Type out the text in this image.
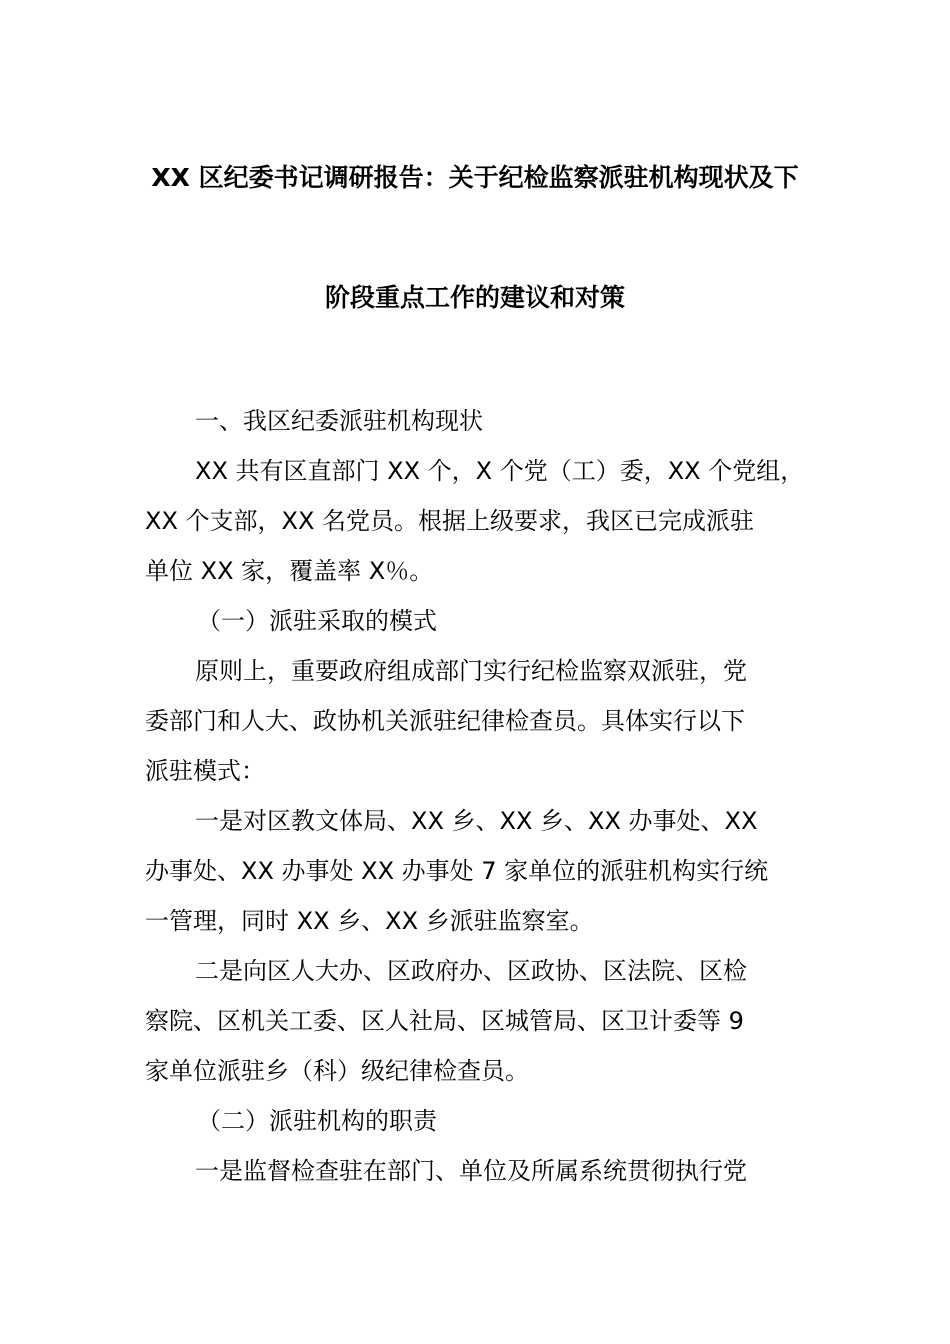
XX 区纪委书记调研报告：关于纪检监察派驻机构现状及下
阶段重点工作的建议和对策
一、我区纪委派驻机构现状
XX 共有区直部门 XX 个，X 个党（工）委，XX 个党组，
XX 个支部，XX 名党员。根据上级要求，我区已完成派驻
单位 XX 家，覆盖率 X％。
（一）派驻采取的模式
原则上，重要政府组成部门实行纪检监察双派驻，党
委部门和人大、政协机关派驻纪律检查员。具体实行以下
派驻模式：
一是对区教文体局、XX 乡、XX 乡、XX 办事处、XX
办事处、XX 办事处 XX 办事处 7 家单位的派驻机构实行统
一管理，同时 XX 乡、XX 乡派驻监察室。
二是向区人大办、区政府办、区政协、区法院、区检
察院、区机关工委、区人社局、区城管局、区卫计委等 9
家单位派驻乡（科）级纪律检查员。
（二）派驻机构的职责
一是监督检查驻在部门、单位及所属系统贯彻执行党
